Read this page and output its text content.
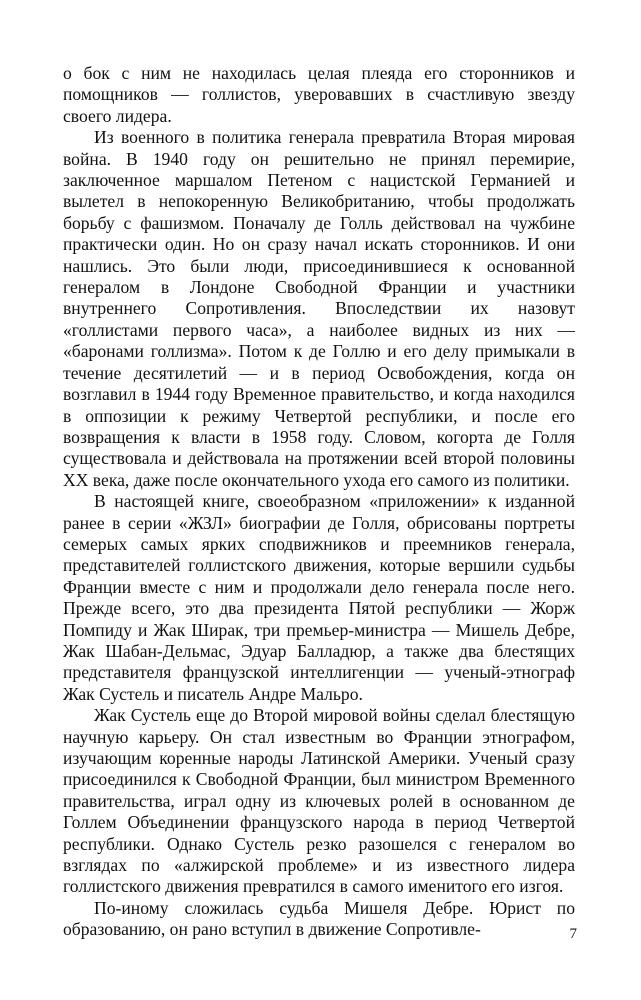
о бок с ним не находилась целая плеяда его сторонников и помощников — голлистов, уверовавших в счастливую звезду своего лидера.

Из военного в политика генерала превратила Вторая мировая война. В 1940 году он решительно не принял перемирие, заключенное маршалом Петеном с нацистской Германией и вылетел в непокоренную Великобританию, чтобы продолжать борьбу с фашизмом. Поначалу де Голль действовал на чужбине практически один. Но он сразу начал искать сторонников. И они нашлись. Это были люди, присоединившиеся к основанной генералом в Лондоне Свободной Франции и участники внутреннего Сопротивления. Впоследствии их назовут «голлистами первого часа», а наиболее видных из них — «баронами голлизма». Потом к де Голлю и его делу примыкали в течение десятилетий — и в период Освобождения, когда он возглавил в 1944 году Временное правительство, и когда находился в оппозиции к режиму Четвертой республики, и после его возвращения к власти в 1958 году. Словом, когорта де Голля существовала и действовала на протяжении всей второй половины XX века, даже после окончательного ухода его самого из политики.

В настоящей книге, своеобразном «приложении» к изданной ранее в серии «ЖЗЛ» биографии де Голля, обрисованы портреты семерых самых ярких сподвижников и преемников генерала, представителей голлистского движения, которые вершили судьбы Франции вместе с ним и продолжали дело генерала после него. Прежде всего, это два президента Пятой республики — Жорж Помпиду и Жак Ширак, три премьер-министра — Мишель Дебре, Жак Шабан-Дельмас, Эдуар Балладюр, а также два блестящих представителя французской интеллигенции — ученый-этнограф Жак Сустель и писатель Андре Мальро.

Жак Сустель еще до Второй мировой войны сделал блестящую научную карьеру. Он стал известным во Франции этнографом, изучающим коренные народы Латинской Америки. Ученый сразу присоединился к Свободной Франции, был министром Временного правительства, играл одну из ключевых ролей в основанном де Голлем Объединении французского народа в период Четвертой республики. Однако Сустель резко разошелся с генералом во взглядах по «алжирской проблеме» и из известного лидера голлистского движения превратился в самого именитого его изгоя.

По-иному сложилась судьба Мишеля Дебре. Юрист по образованию, он рано вступил в движение Сопротивле-	7
